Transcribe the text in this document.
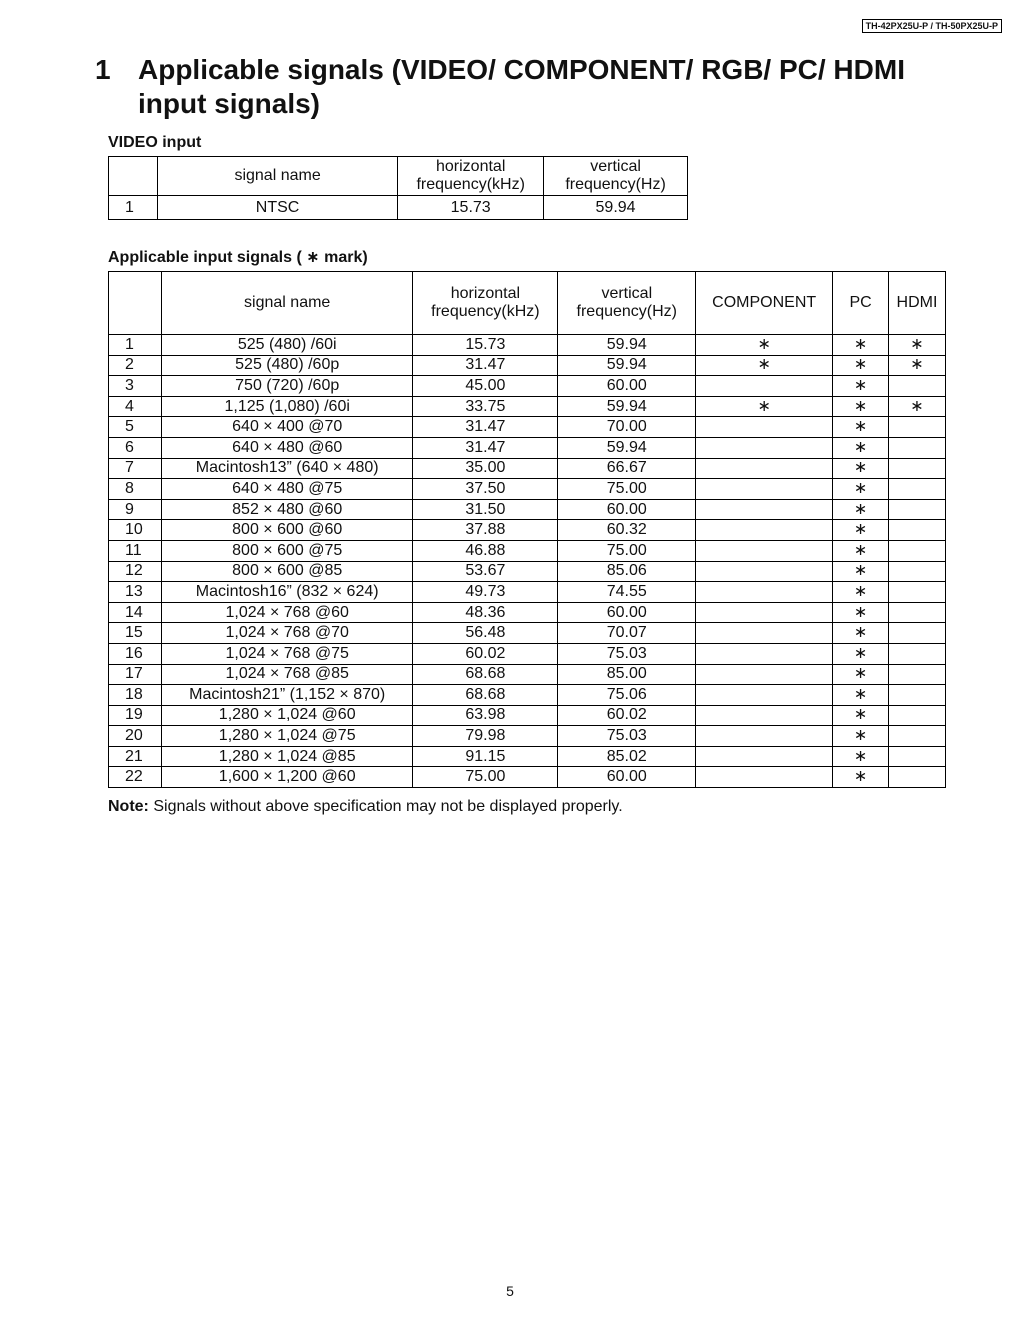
TH-42PX25U-P / TH-50PX25U-P
1 Applicable signals (VIDEO/ COMPONENT/ RGB/ PC/ HDMI input signals)
VIDEO input
	signal name	horizontal frequency(kHz)	vertical frequency(Hz)
1	NTSC	15.73	59.94
Applicable input signals ( ∗ mark)
	signal name	horizontal frequency(kHz)	vertical frequency(Hz)	COMPONENT	PC	HDMI
1	525 (480) /60i	15.73	59.94	∗	∗	∗
2	525 (480) /60p	31.47	59.94	∗	∗	∗
3	750 (720) /60p	45.00	60.00		∗	
4	1,125 (1,080) /60i	33.75	59.94	∗	∗	∗
5	640 × 400 @70	31.47	70.00		∗	
6	640 × 480 @60	31.47	59.94		∗	
7	Macintosh13” (640 × 480)	35.00	66.67		∗	
8	640 × 480 @75	37.50	75.00		∗	
9	852 × 480 @60	31.50	60.00		∗	
10	800 × 600 @60	37.88	60.32		∗	
11	800 × 600 @75	46.88	75.00		∗	
12	800 × 600 @85	53.67	85.06		∗	
13	Macintosh16” (832 × 624)	49.73	74.55		∗	
14	1,024 × 768 @60	48.36	60.00		∗	
15	1,024 × 768 @70	56.48	70.07		∗	
16	1,024 × 768 @75	60.02	75.03		∗	
17	1,024 × 768 @85	68.68	85.00		∗	
18	Macintosh21” (1,152 × 870)	68.68	75.06		∗	
19	1,280 × 1,024 @60	63.98	60.02		∗	
20	1,280 × 1,024 @75	79.98	75.03		∗	
21	1,280 × 1,024 @85	91.15	85.02		∗	
22	1,600 × 1,200 @60	75.00	60.00		∗	
Note: Signals without above specification may not be displayed properly.
5
